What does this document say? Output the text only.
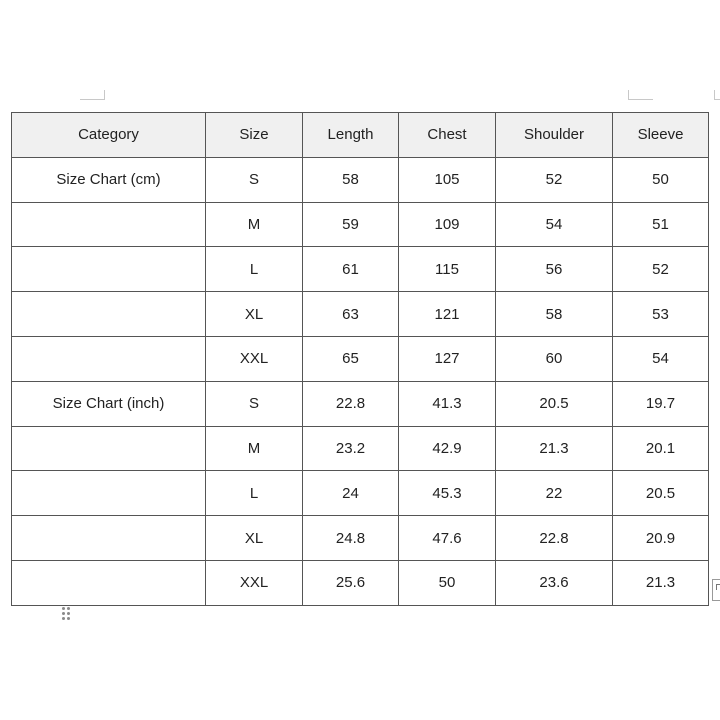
Category	Size	Length	Chest	Shoulder	Sleeve
Size Chart (cm)	S	58	105	52	50
	M	59	109	54	51
	L	61	115	56	52
	XL	63	121	58	53
	XXL	65	127	60	54
Size Chart (inch)	S	22.8	41.3	20.5	19.7
	M	23.2	42.9	21.3	20.1
	L	24	45.3	22	20.5
	XL	24.8	47.6	22.8	20.9
	XXL	25.6	50	23.6	21.3
